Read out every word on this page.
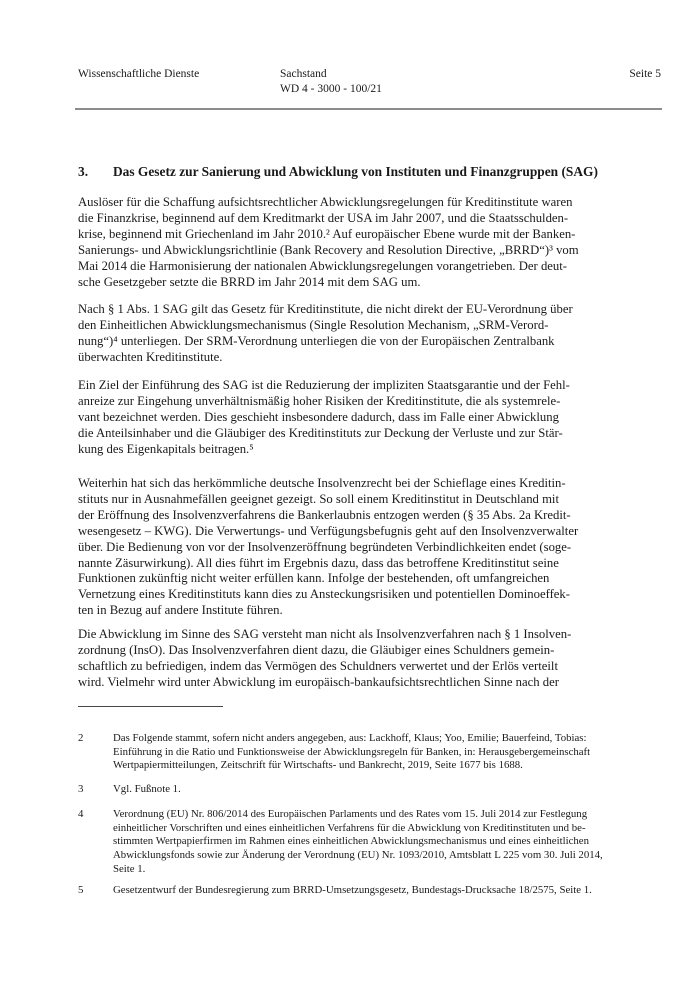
Wissenschaftliche Dienste	Sachstand
WD 4 - 3000 - 100/21
Seite 5
3.	Das Gesetz zur Sanierung und Abwicklung von Instituten und Finanzgruppen (SAG)
Auslöser für die Schaffung aufsichtsrechtlicher Abwicklungsregelungen für Kreditinstitute waren
die Finanzkrise, beginnend auf dem Kreditmarkt der USA im Jahr 2007, und die Staatsschulden-
krise, beginnend mit Griechenland im Jahr 2010.² Auf europäischer Ebene wurde mit der Banken-
Sanierungs- und Abwicklungsrichtlinie (Bank Recovery and Resolution Directive, „BRRD“)³ vom
Mai 2014 die Harmonisierung der nationalen Abwicklungsregelungen vorangetrieben. Der deut-
sche Gesetzgeber setzte die BRRD im Jahr 2014 mit dem SAG um.
Nach § 1 Abs. 1 SAG gilt das Gesetz für Kreditinstitute, die nicht direkt der EU-Verordnung über
den Einheitlichen Abwicklungsmechanismus (Single Resolution Mechanism, „SRM-Verord-
nung“)⁴ unterliegen. Der SRM-Verordnung unterliegen die von der Europäischen Zentralbank
überwachten Kreditinstitute.
Ein Ziel der Einführung des SAG ist die Reduzierung der impliziten Staatsgarantie und der Fehl-
anreize zur Eingehung unverhältnismäßig hoher Risiken der Kreditinstitute, die als systemrele-
vant bezeichnet werden. Dies geschieht insbesondere dadurch, dass im Falle einer Abwicklung
die Anteilsinhaber und die Gläubiger des Kreditinstituts zur Deckung der Verluste und zur Stär-
kung des Eigenkapitals beitragen.⁵
Weiterhin hat sich das herkömmliche deutsche Insolvenzrecht bei der Schieflage eines Kreditin-
stituts nur in Ausnahmefällen geeignet gezeigt. So soll einem Kreditinstitut in Deutschland mit
der Eröffnung des Insolvenzverfahrens die Bankerlaubnis entzogen werden (§ 35 Abs. 2a Kredit-
wesengesetz – KWG). Die Verwertungs- und Verfügungsbefugnis geht auf den Insolvenzverwalter
über. Die Bedienung von vor der Insolvenzeröffnung begründeten Verbindlichkeiten endet (soge-
nannte Zäsurwirkung). All dies führt im Ergebnis dazu, dass das betroffene Kreditinstitut seine
Funktionen zukünftig nicht weiter erfüllen kann. Infolge der bestehenden, oft umfangreichen
Vernetzung eines Kreditinstituts kann dies zu Ansteckungsrisiken und potentiellen Dominoeffek-
ten in Bezug auf andere Institute führen.
Die Abwicklung im Sinne des SAG versteht man nicht als Insolvenzverfahren nach § 1 Insolven-
zordnung (InsO). Das Insolvenzverfahren dient dazu, die Gläubiger eines Schuldners gemein-
schaftlich zu befriedigen, indem das Vermögen des Schuldners verwertet und der Erlös verteilt
wird. Vielmehr wird unter Abwicklung im europäisch-bankaufsichtsrechtlichen Sinne nach der
2	Das Folgende stammt, sofern nicht anders angegeben, aus: Lackhoff, Klaus; Yoo, Emilie; Bauerfeind, Tobias:
Einführung in die Ratio und Funktionsweise der Abwicklungsregeln für Banken, in: Herausgebergemeinschaft
Wertpapiermitteilungen, Zeitschrift für Wirtschafts- und Bankrecht, 2019, Seite 1677 bis 1688.
3	Vgl. Fußnote 1.
4	Verordnung (EU) Nr. 806/2014 des Europäischen Parlaments und des Rates vom 15. Juli 2014 zur Festlegung
einheitlicher Vorschriften und eines einheitlichen Verfahrens für die Abwicklung von Kreditinstituten und be-
stimmten Wertpapierfirmen im Rahmen eines einheitlichen Abwicklungsmechanismus und eines einheitlichen
Abwicklungsfonds sowie zur Änderung der Verordnung (EU) Nr. 1093/2010, Amtsblatt L 225 vom 30. Juli 2014,
Seite 1.
5	Gesetzentwurf der Bundesregierung zum BRRD-Umsetzungsgesetz, Bundestags-Drucksache 18/2575, Seite 1.
